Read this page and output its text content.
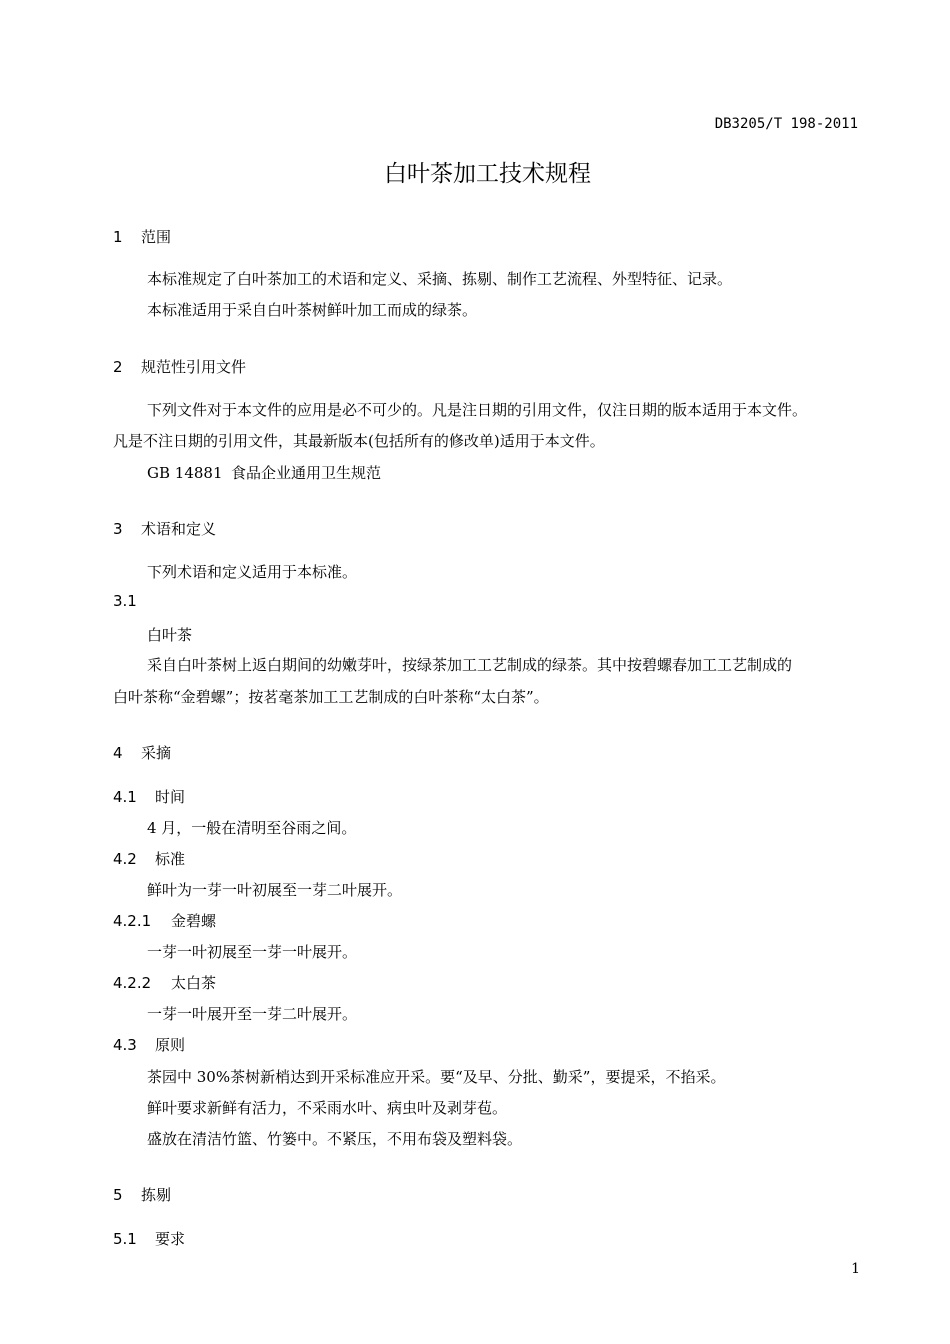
DB3205/T 198-2011
白叶茶加工技术规程
1 范围
本标准规定了白叶茶加工的术语和定义、采摘、拣剔、制作工艺流程、外型特征、记录。
本标准适用于采自白叶茶树鲜叶加工而成的绿茶。
2 规范性引用文件
下列文件对于本文件的应用是必不可少的。凡是注日期的引用文件，仅注日期的版本适用于本文件。
凡是不注日期的引用文件，其最新版本(包括所有的修改单)适用于本文件。
GB 14881 食品企业通用卫生规范
3 术语和定义
下列术语和定义适用于本标准。
3.1
白叶茶
采自白叶茶树上返白期间的幼嫩芽叶，按绿茶加工工艺制成的绿茶。其中按碧螺春加工工艺制成的
白叶茶称“金碧螺”；按茗毫茶加工工艺制成的白叶茶称“太白茶”。
4 采摘
4.1 时间
4 月，一般在清明至谷雨之间。
4.2 标准
鲜叶为一芽一叶初展至一芽二叶展开。
4.2.1 金碧螺
一芽一叶初展至一芽一叶展开。
4.2.2 太白茶
一芽一叶展开至一芽二叶展开。
4.3 原则
茶园中 30%茶树新梢达到开采标准应开采。要“及早、分批、勤采”，要提采，不掐采。
鲜叶要求新鲜有活力，不采雨水叶、病虫叶及剥芽苞。
盛放在清洁竹篮、竹篓中。不紧压，不用布袋及塑料袋。
5 拣剔
5.1 要求
1
